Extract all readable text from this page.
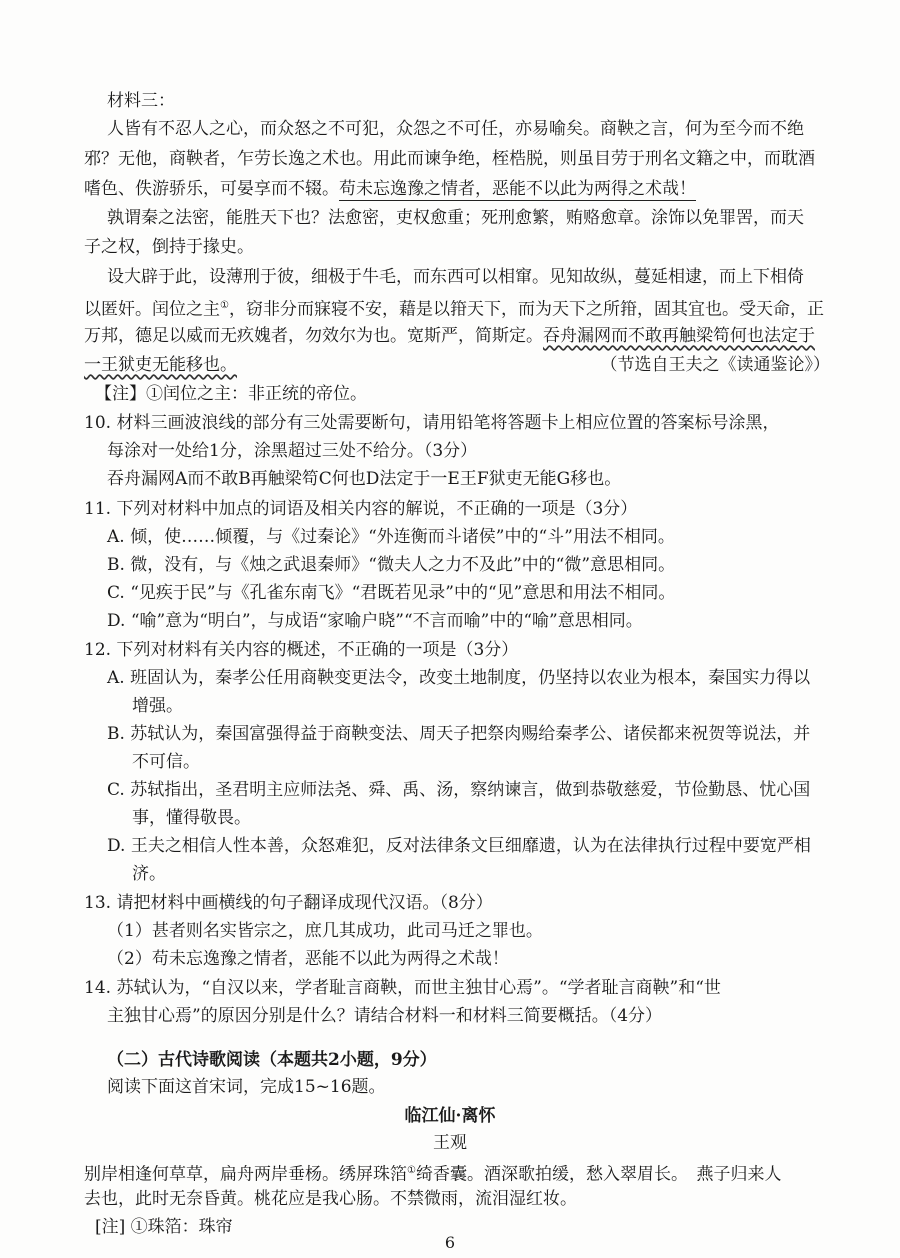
材料三：
人皆有不忍人之心，而众怒之不可犯，众怨之不可任，亦易喻矣。商鞅之言，何为至今而不绝
邪？无他，商鞅者，乍劳长逸之术也。用此而谏争绝，桎梏脱，则虽目劳于刑名文籍之中，而耽酒
嗜色、佚游骄乐，可晏享而不辍。苟未忘逸豫之情者，恶能不以此为两得之术哉！
孰谓秦之法密，能胜天下也？法愈密，吏权愈重；死刑愈繁，贿赂愈章。涂饰以免罪罟，而天
子之权，倒持于掾史。
设大辟于此，设薄刑于彼，细极于牛毛，而东西可以相窜。见知故纵，蔓延相逮，而上下相倚
以匿奸。闰位之主①，窃非分而寐寝不安，藉是以箝天下，而为天下之所箝，固其宜也。受天命，正
万邦，德足以威而无疚媿者，勿效尔为也。宽斯严，简斯定。吞舟漏网而不敢再触梁笱何也法定于
一王狱吏无能移也。	（节选自王夫之《读通鉴论》）
【注】①闰位之主：非正统的帝位。
10. 材料三画波浪线的部分有三处需要断句，请用铅笔将答题卡上相应位置的答案标号涂黑，
每涂对一处给1分，涂黑超过三处不给分。（3分）
吞舟漏网A而不敢B再触梁笱C何也D法定于一E王F狱吏无能G移也。
11. 下列对材料中加点的词语及相关内容的解说，不正确的一项是（3分）
A. 倾，使……倾覆，与《过秦论》“外连衡而斗诸侯”中的“斗”用法不相同。
B. 微，没有，与《烛之武退秦师》“微夫人之力不及此”中的“微”意思相同。
C. “见疾于民”与《孔雀东南飞》“君既若见录”中的“见”意思和用法不相同。
D. “喻”意为“明白”，与成语“家喻户晓”“不言而喻”中的“喻”意思相同。
12. 下列对材料有关内容的概述，不正确的一项是（3分）
A. 班固认为，秦孝公任用商鞅变更法令，改变土地制度，仍坚持以农业为根本，秦国实力得以
增强。
B. 苏轼认为，秦国富强得益于商鞅变法、周天子把祭肉赐给秦孝公、诸侯都来祝贺等说法，并
不可信。
C. 苏轼指出，圣君明主应师法尧、舜、禹、汤，察纳谏言，做到恭敬慈爱，节俭勤恳、忧心国
事，懂得敬畏。
D. 王夫之相信人性本善，众怒难犯，反对法律条文巨细靡遗，认为在法律执行过程中要宽严相
济。
13. 请把材料中画横线的句子翻译成现代汉语。（8分）
（1）甚者则名实皆宗之，庶几其成功，此司马迁之罪也。
（2）苟未忘逸豫之情者，恶能不以此为两得之术哉！
14. 苏轼认为，“自汉以来，学者耻言商鞅，而世主独甘心焉”。“学者耻言商鞅”和“世
主独甘心焉”的原因分别是什么？请结合材料一和材料三简要概括。（4分）
（二）古代诗歌阅读（本题共2小题，9分）
阅读下面这首宋词，完成15~16题。
临江仙·离怀
王观
别岸相逢何草草，扁舟两岸垂杨。绣屏珠箔①绮香囊。酒深歌拍缓，愁入翠眉长。　燕子归来人
去也，此时无奈昏黄。桃花应是我心肠。不禁微雨，流泪湿红妆。
[注] ①珠箔：珠帘
6
